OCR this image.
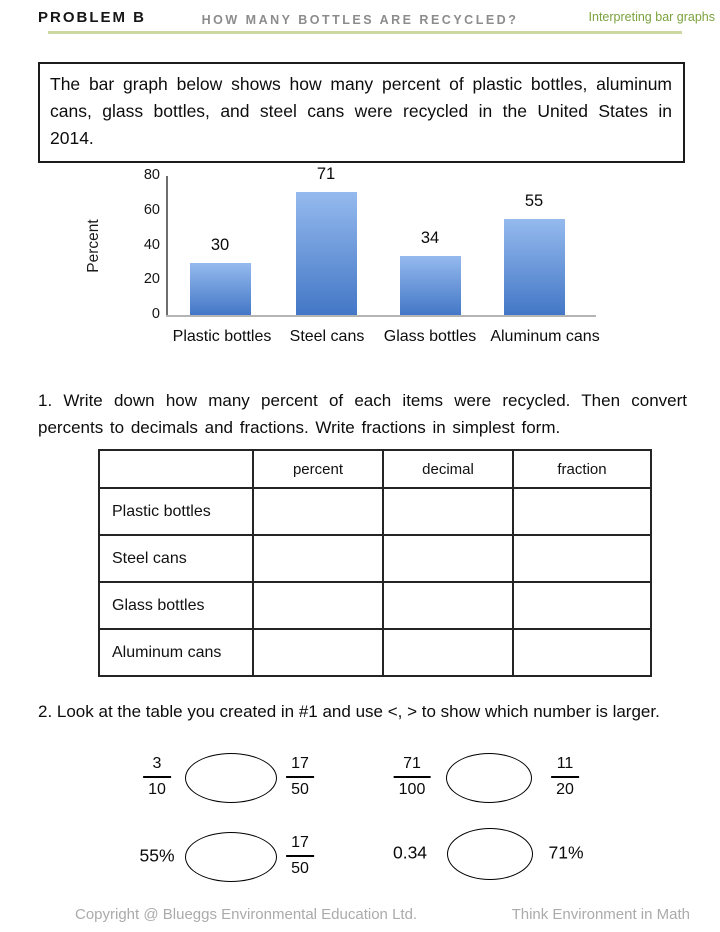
PROBLEM B	HOW MANY BOTTLES ARE RECYCLED?	Interpreting bar graphs
The bar graph below shows how many percent of plastic bottles, aluminum cans, glass bottles, and steel cans were recycled in the United States in 2014.
Percent
80
60
40
20
0
30
Plastic bottles
71
Steel cans
34
Glass bottles
55
Aluminum cans
1. Write down how many percent of each items were recycled. Then convert percents to decimals and fractions. Write fractions in simplest form.
	percent	decimal	fraction
Plastic bottles			
Steel cans			
Glass bottles			
Aluminum cans			
2. Look at the table you created in #1 and use <, > to show which number is larger.
$\frac{3}{10}$	$\frac{17}{50}$	$\frac{71}{100}$	$\frac{11}{20}$
55%	$\frac{17}{50}$	0.34	71%
Copyright @ Blueggs Environmental Education Ltd.	Think Environment in Math
